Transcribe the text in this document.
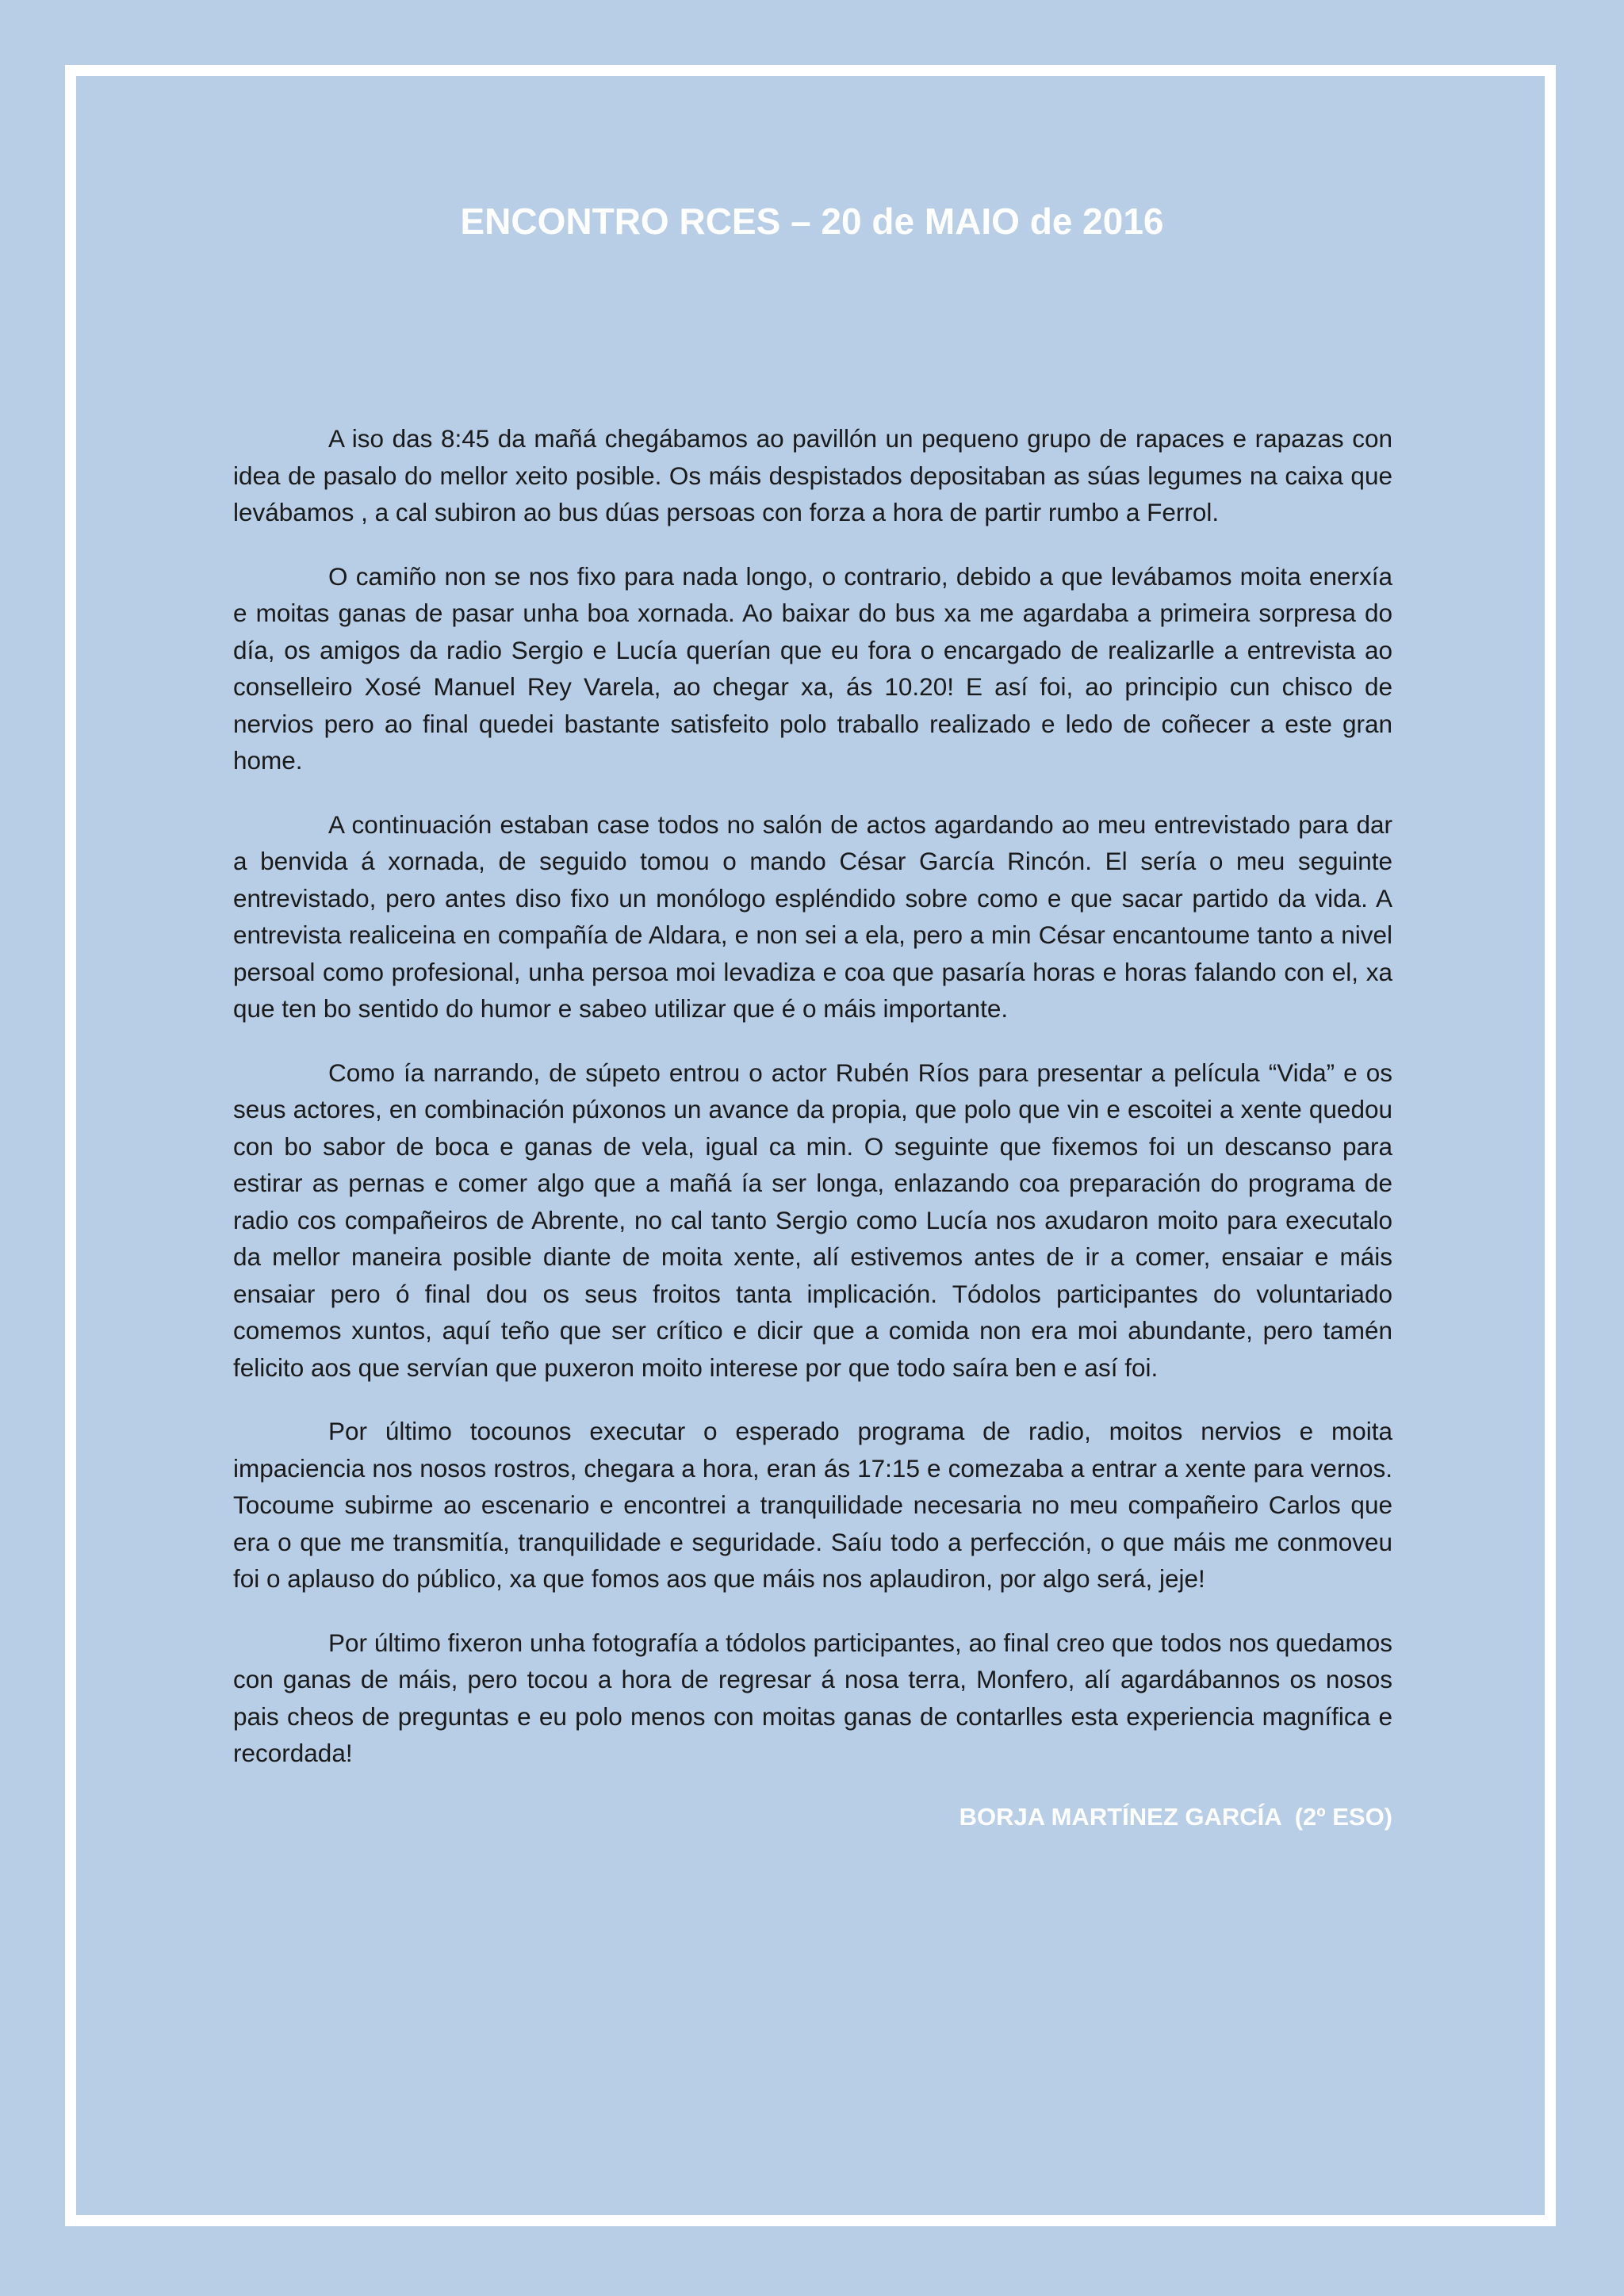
ENCONTRO RCES – 20 de MAIO de 2016

A iso das 8:45 da mañá chegábamos ao pavillón un pequeno grupo de rapaces e rapazas con idea de pasalo do mellor xeito posible. Os máis despistados depositaban as súas legumes na caixa que levábamos , a cal subiron ao bus dúas persoas con forza a hora de partir rumbo a Ferrol.

O camiño non se nos fixo para nada longo, o contrario, debido a que levábamos moita enerxía e moitas ganas de pasar unha boa xornada. Ao baixar do bus xa me agardaba a primeira sorpresa do día, os amigos da radio Sergio e Lucía querían que eu fora o encargado de realizarlle a entrevista ao conselleiro Xosé Manuel Rey Varela, ao chegar xa, ás 10.20! E así foi, ao principio cun chisco de nervios pero ao final quedei bastante satisfeito polo traballo realizado e ledo de coñecer a este gran home.

A continuación estaban case todos no salón de actos agardando ao meu entrevistado para dar a benvida á xornada, de seguido tomou o mando César García Rincón. El sería o meu seguinte entrevistado, pero antes diso fixo un monólogo espléndido sobre como e que sacar partido da vida. A entrevista realiceina en compañía de Aldara, e non sei a ela, pero a min César encantoume tanto a nivel persoal como profesional, unha persoa moi levadiza e coa que pasaría horas e horas falando con el, xa que ten bo sentido do humor e sabeo utilizar que é o máis importante.

Como ía narrando, de súpeto entrou o actor Rubén Ríos para presentar a película “Vida” e os seus actores, en combinación púxonos un avance da propia, que polo que vin e escoitei a xente quedou con bo sabor de boca e ganas de vela, igual ca min. O seguinte que fixemos foi un descanso para estirar as pernas e comer algo que a mañá ía ser longa, enlazando coa preparación do programa de radio cos compañeiros de Abrente, no cal tanto Sergio como Lucía nos axudaron moito para executalo da mellor maneira posible diante de moita xente, alí estivemos antes de ir a comer, ensaiar e máis ensaiar pero ó final dou os seus froitos tanta implicación. Tódolos participantes do voluntariado comemos xuntos, aquí teño que ser crítico e dicir que a comida non era moi abundante, pero tamén felicito aos que servían que puxeron moito interese por que todo saíra ben e así foi.

Por último tocounos executar o esperado programa de radio, moitos nervios e moita impaciencia nos nosos rostros, chegara a hora, eran ás 17:15 e comezaba a entrar a xente para vernos. Tocoume subirme ao escenario e encontrei a tranquilidade necesaria no meu compañeiro Carlos que era o que me transmitía, tranquilidade e seguridade. Saíu todo a perfección, o que máis me conmoveu foi o aplauso do público, xa que fomos aos que máis nos aplaudiron, por algo será, jeje!

Por último fixeron unha fotografía a tódolos participantes, ao final creo que todos nos quedamos con ganas de máis, pero tocou a hora de regresar á nosa terra, Monfero, alí agardábannos os nosos pais cheos de preguntas e eu polo menos con moitas ganas de contarlles esta experiencia magnífica e recordada!

BORJA MARTÍNEZ GARCÍA  (2º ESO)
